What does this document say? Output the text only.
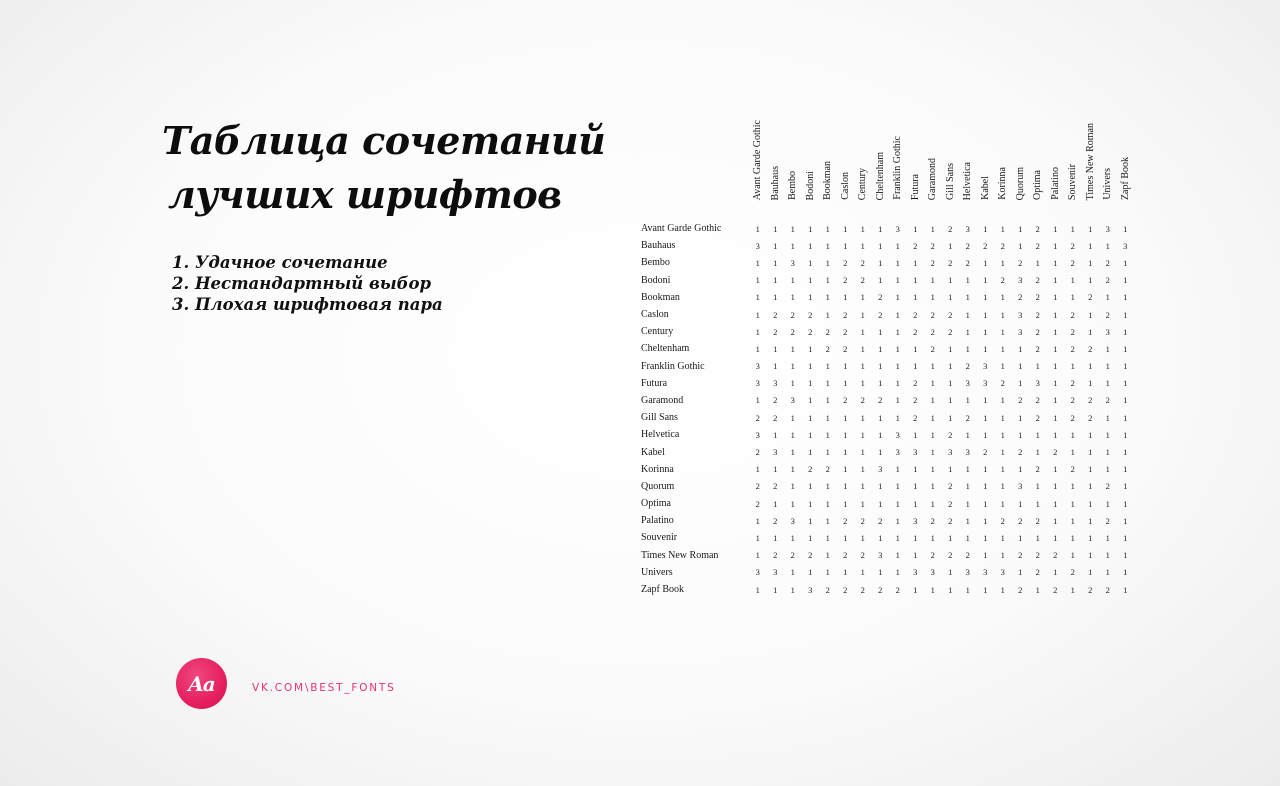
Таблица сочетаний
лучших шрифтов
1. Удачное сочетание
2. Нестандартный выбор
3. Плохая шрифтовая пара
	Avant Garde Gothic	Bauhaus	Bembo	Bodoni	Bookman	Caslon	Century	Cheltenham	Franklin Gothic	Futura	Garamond	Gill Sans	Helvetica	Kabel	Korinna	Quorum	Optima	Palatino	Souvenir	Times New Roman	Univers	Zapf Book
Avant Garde Gothic	1	1	1	1	1	1	1	1	3	1	1	2	3	1	1	1	2	1	1	1	3	1
Bauhaus	3	1	1	1	1	1	1	1	1	2	2	1	2	2	2	1	2	1	2	1	1	3
Bembo	1	1	3	1	1	2	2	1	1	1	2	2	2	1	1	2	1	1	2	1	2	1
Bodoni	1	1	1	1	1	2	2	1	1	1	1	1	1	1	2	3	2	1	1	1	2	1
Bookman	1	1	1	1	1	1	1	2	1	1	1	1	1	1	1	2	2	1	1	2	1	1
Caslon	1	2	2	2	1	2	1	2	1	2	2	2	1	1	1	3	2	1	2	1	2	1
Century	1	2	2	2	2	2	1	1	1	2	2	2	1	1	1	3	2	1	2	1	3	1
Cheltenham	1	1	1	1	2	2	1	1	1	1	2	1	1	1	1	1	2	1	2	2	1	1
Franklin Gothic	3	1	1	1	1	1	1	1	1	1	1	1	2	3	1	1	1	1	1	1	1	1
Futura	3	3	1	1	1	1	1	1	1	2	1	1	3	3	2	1	3	1	2	1	1	1
Garamond	1	2	3	1	1	2	2	2	1	2	1	1	1	1	1	2	2	1	2	2	2	1
Gill Sans	2	2	1	1	1	1	1	1	1	2	1	1	2	1	1	1	2	1	2	2	1	1
Helvetica	3	1	1	1	1	1	1	1	3	1	1	2	1	1	1	1	1	1	1	1	1	1
Kabel	2	3	1	1	1	1	1	1	3	3	1	3	3	2	1	2	1	2	1	1	1	1
Korinna	1	1	1	2	2	1	1	3	1	1	1	1	1	1	1	1	2	1	2	1	1	1
Quorum	2	2	1	1	1	1	1	1	1	1	1	2	1	1	1	3	1	1	1	1	2	1
Optima	2	1	1	1	1	1	1	1	1	1	1	2	1	1	1	1	1	1	1	1	1	1
Palatino	1	2	3	1	1	2	2	2	1	3	2	2	1	1	2	2	2	1	1	1	2	1
Souvenir	1	1	1	1	1	1	1	1	1	1	1	1	1	1	1	1	1	1	1	1	1	1
Times New Roman	1	2	2	2	1	2	2	3	1	1	2	2	2	1	1	2	2	2	1	1	1	1
Univers	3	3	1	1	1	1	1	1	1	3	3	1	3	3	3	1	2	1	2	1	1	1
Zapf Book	1	1	1	3	2	2	2	2	2	1	1	1	1	1	1	2	1	2	1	2	2	1
Aa	VK.COM\BEST_FONTS
